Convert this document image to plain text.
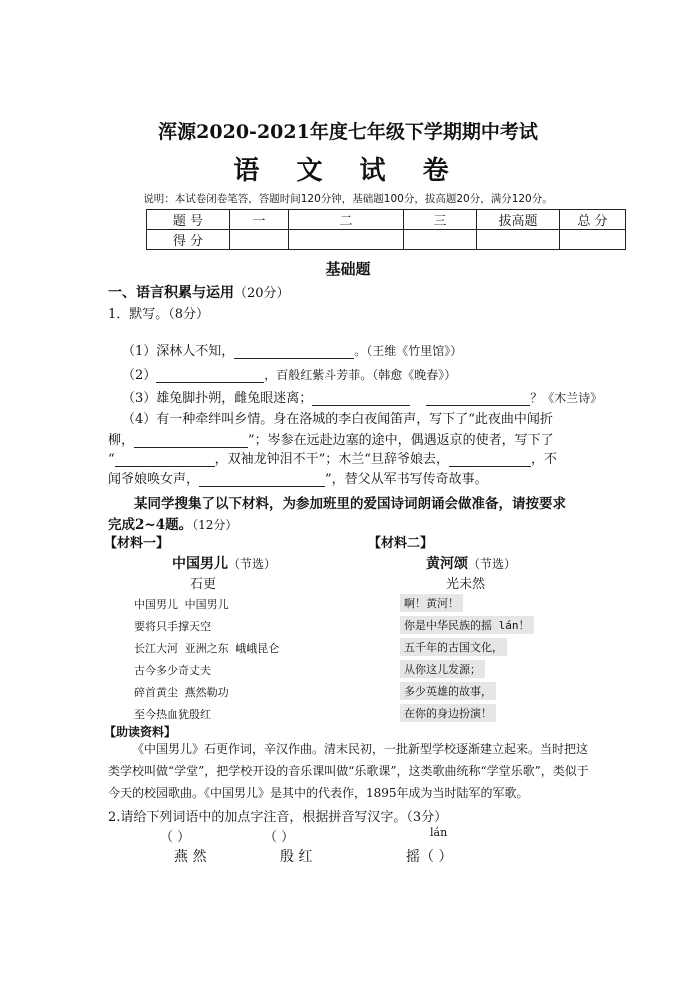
浑源2020-2021年度七年级下学期期中考试
语 文 试 卷
说明：本试卷闭卷笔答，答题时间120分钟，基础题100分，拔高题20分，满分120分。
题 号	一	二	三	拔高题	总 分
得 分					
基础题
一、语言积累与运用（20分）
1．默写。（8分）
（1）深林人不知，	。（王维《竹里馆》）
（2）	，百般红紫斗芳菲。（韩愈《晚春》）
（3）雄兔脚扑朔，雌兔眼迷离；	？《木兰诗》
（4）有一种牵绊叫乡情。身在洛城的李白夜闻笛声，写下了“此夜曲中闻折
柳，	”；岑参在远赴边塞的途中，偶遇返京的使者，写下了
“	，双袖龙钟泪不干”；木兰“旦辞爷娘去，	，不
闻爷娘唤女声，	”，替父从军书写传奇故事。
某同学搜集了以下材料，为参加班里的爱国诗词朗诵会做准备，请按要求
完成2~4题。（12分）
【材料一】
中国男儿（节选）
石更
中国男儿 中国男儿
要将只手撑天空
长江大河 亚洲之东 峨峨昆仑
古今多少奇丈夫
碎首黄尘 燕然勒功
至今热血犹殷红
【材料二】
黄河颂（节选）
光未然
啊！黄河！
你是中华民族的摇 lán！
五千年的古国文化，
从你这儿发源；
多少英雄的故事，
在你的身边扮演！
【助读资料】
《中国男儿》石更作词，辛汉作曲。清末民初，一批新型学校逐渐建立起来。当时把这类学校叫做“学堂”，把学校开设的音乐课叫做“乐歌课”，这类歌曲统称“学堂乐歌”，类似于今天的校园歌曲。《中国男儿》是其中的代表作，1895年成为当时陆军的军歌。
2.请给下列词语中的加点字注音，根据拼音写汉字。（3分）
（ ）	（ ）	lán
燕 然	殷 红	摇（ ）
